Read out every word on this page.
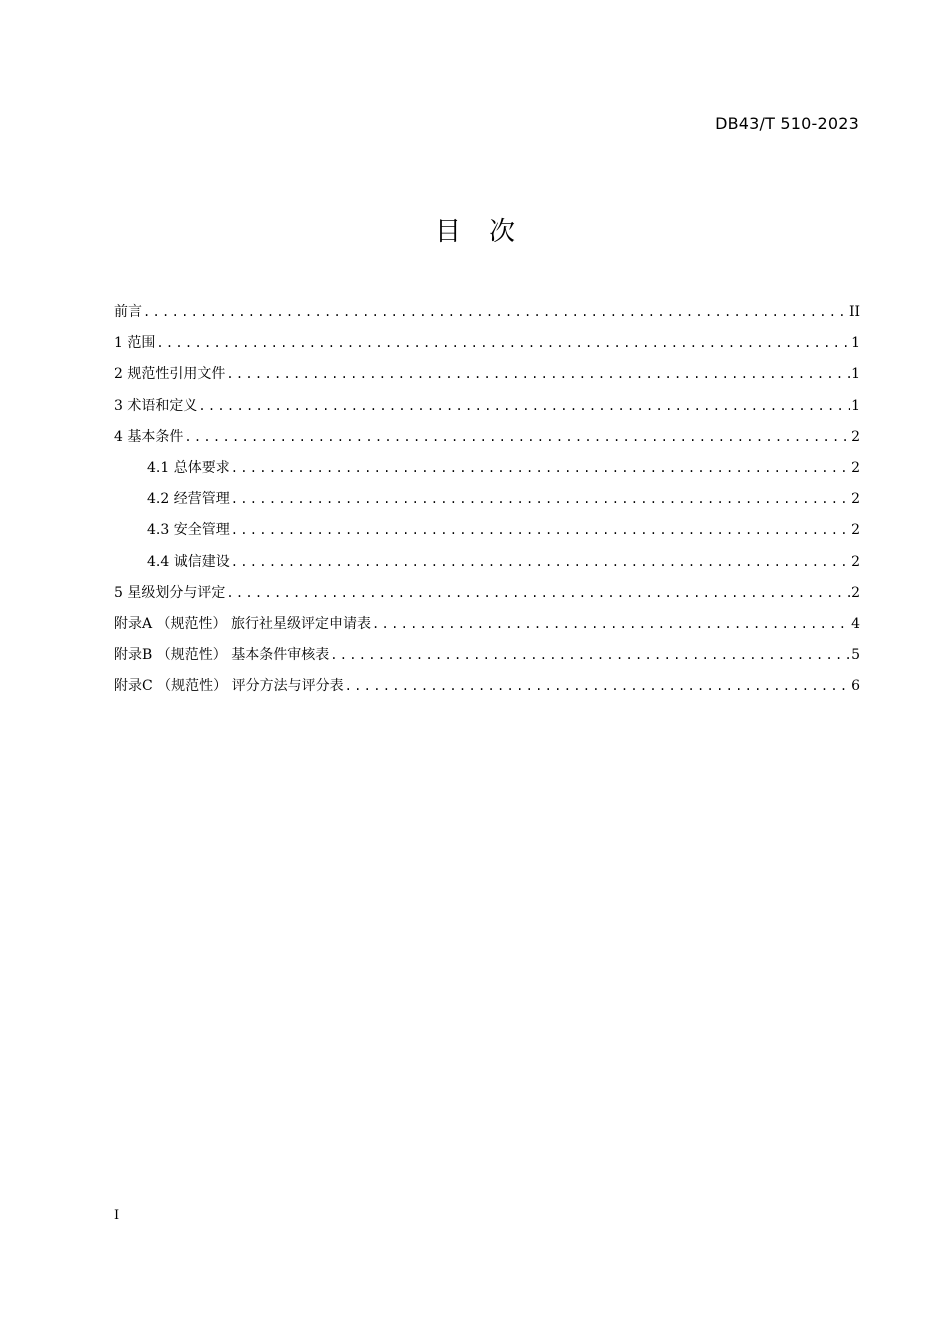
DB43/T 510-2023
目 次
前言 .....	II
1 范围 .....	1
2 规范性引用文件 .....	1
3 术语和定义 .....	1
4 基本条件 .....	2
4.1 总体要求 .....	2
4.2 经营管理 .....	2
4.3 安全管理 .....	2
4.4 诚信建设 .....	2
5 星级划分与评定 .....	2
附录A （规范性） 旅行社星级评定申请表 .....	4
附录B （规范性） 基本条件审核表 .....	5
附录C （规范性） 评分方法与评分表 .....	6
I
